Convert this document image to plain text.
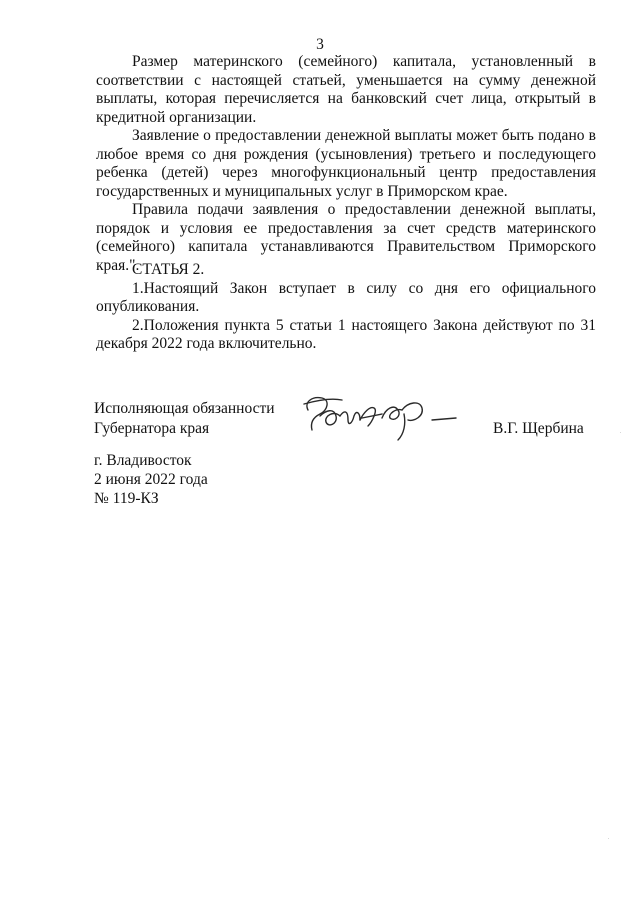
3

Размер материнского (семейного) капитала, установленный в соответствии с настоящей статьей, уменьшается на сумму денежной выплаты, которая перечисляется на банковский счет лица, открытый в кредитной организации.

Заявление о предоставлении денежной выплаты может быть подано в любое время со дня рождения (усыновления) третьего и последующего ребенка (детей) через многофункциональный центр предоставления государственных и муниципальных услуг в Приморском крае.

Правила подачи заявления о предоставлении денежной выплаты, порядок и условия ее предоставления за счет средств материнского (семейного) капитала устанавливаются Правительством Приморского края.".

СТАТЬЯ 2.

1.Настоящий Закон вступает в силу со дня его официального опубликования.

2.Положения пункта 5 статьи 1 настоящего Закона действуют по 31 декабря 2022 года включительно.

Исполняющая обязанности
Губернатора края	В.Г. Щербина
г. Владивосток
2 июня 2022 года
№ 119-КЗ
